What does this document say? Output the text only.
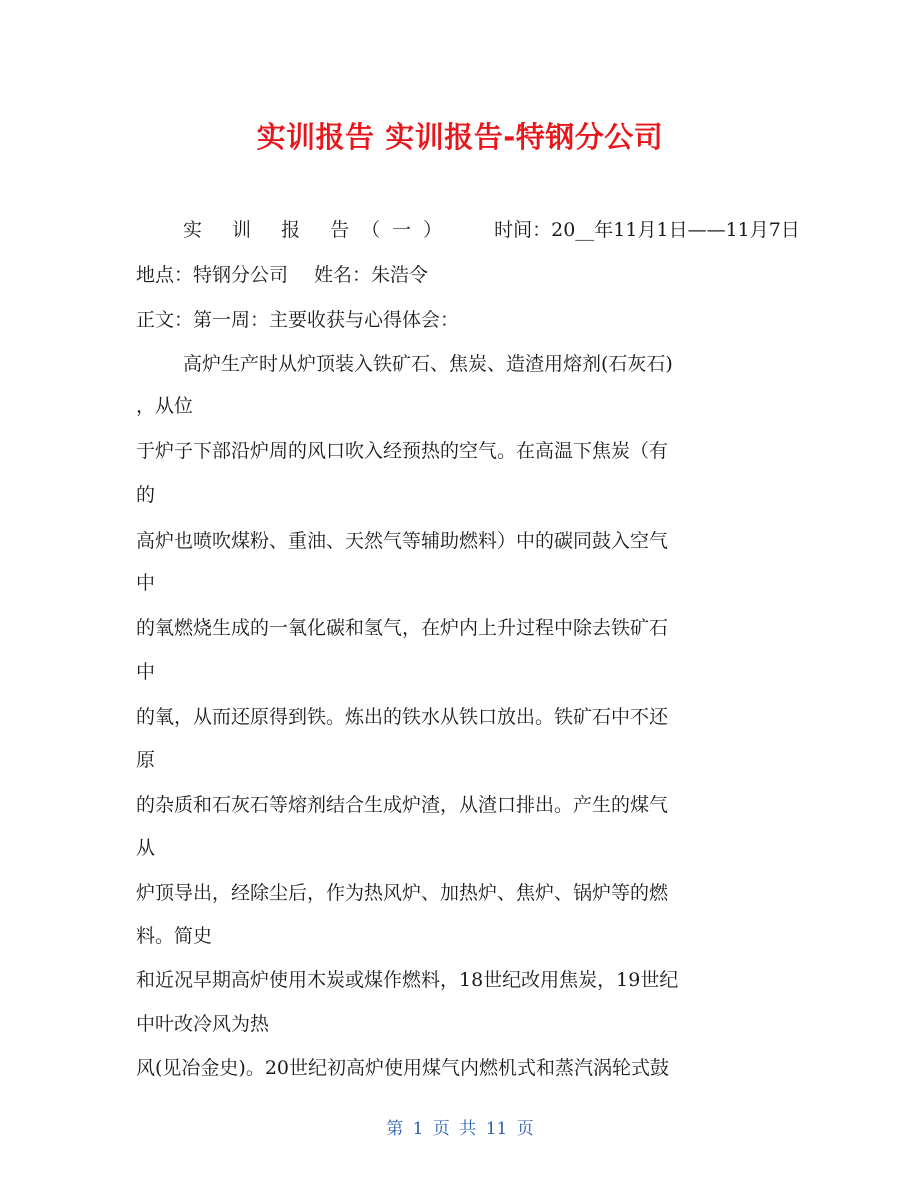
实训报告 实训报告-特钢分公司
实 训 报 告（一） 时间：20__年11月1日——11月7日
地点：特钢分公司 姓名：朱浩令
正文：第一周：主要收获与心得体会：
高炉生产时从炉顶装入铁矿石、焦炭、造渣用熔剂(石灰石)
，从位
于炉子下部沿炉周的风口吹入经预热的空气。在高温下焦炭（有
的
高炉也喷吹煤粉、重油、天然气等辅助燃料）中的碳同鼓入空气
中
的氧燃烧生成的一氧化碳和氢气，在炉内上升过程中除去铁矿石
中
的氧，从而还原得到铁。炼出的铁水从铁口放出。铁矿石中不还
原
的杂质和石灰石等熔剂结合生成炉渣，从渣口排出。产生的煤气
从
炉顶导出，经除尘后，作为热风炉、加热炉、焦炉、锅炉等的燃
料。简史
和近况早期高炉使用木炭或煤作燃料，18世纪改用焦炭，19世纪
中叶改冷风为热
风(见冶金史)。20世纪初高炉使用煤气内燃机式和蒸汽涡轮式鼓
第 1 页 共 11 页
